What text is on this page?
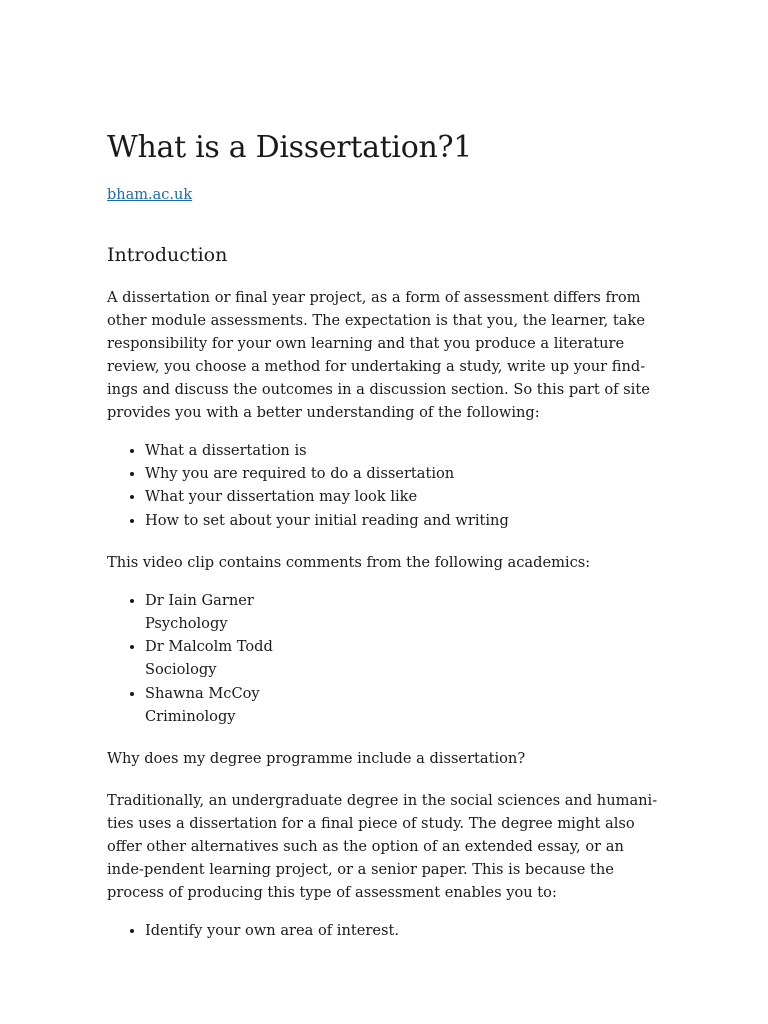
What is a Dissertation?1
bham.ac.uk
Introduction

A dissertation or final year project, as a form of assessment differs from other module assessments. The expectation is that you, the learner, take responsibility for your own learning and that you produce a literature review, you choose a method for undertaking a study, write up your find-ings and discuss the outcomes in a discussion section. So this part of site provides you with a better understanding of the following:

• What a dissertation is
• Why you are required to do a dissertation
• What your dissertation may look like
• How to set about your initial reading and writing

This video clip contains comments from the following academics:

• Dr Iain Garner
Psychology
• Dr Malcolm Todd
Sociology
• Shawna McCoy
Criminology

Why does my degree programme include a dissertation?

Traditionally, an undergraduate degree in the social sciences and humani-ties uses a dissertation for a final piece of study. The degree might also offer other alternatives such as the option of an extended essay, or an inde-pendent learning project, or a senior paper. This is because the process of producing this type of assessment enables you to:

• Identify your own area of interest.
